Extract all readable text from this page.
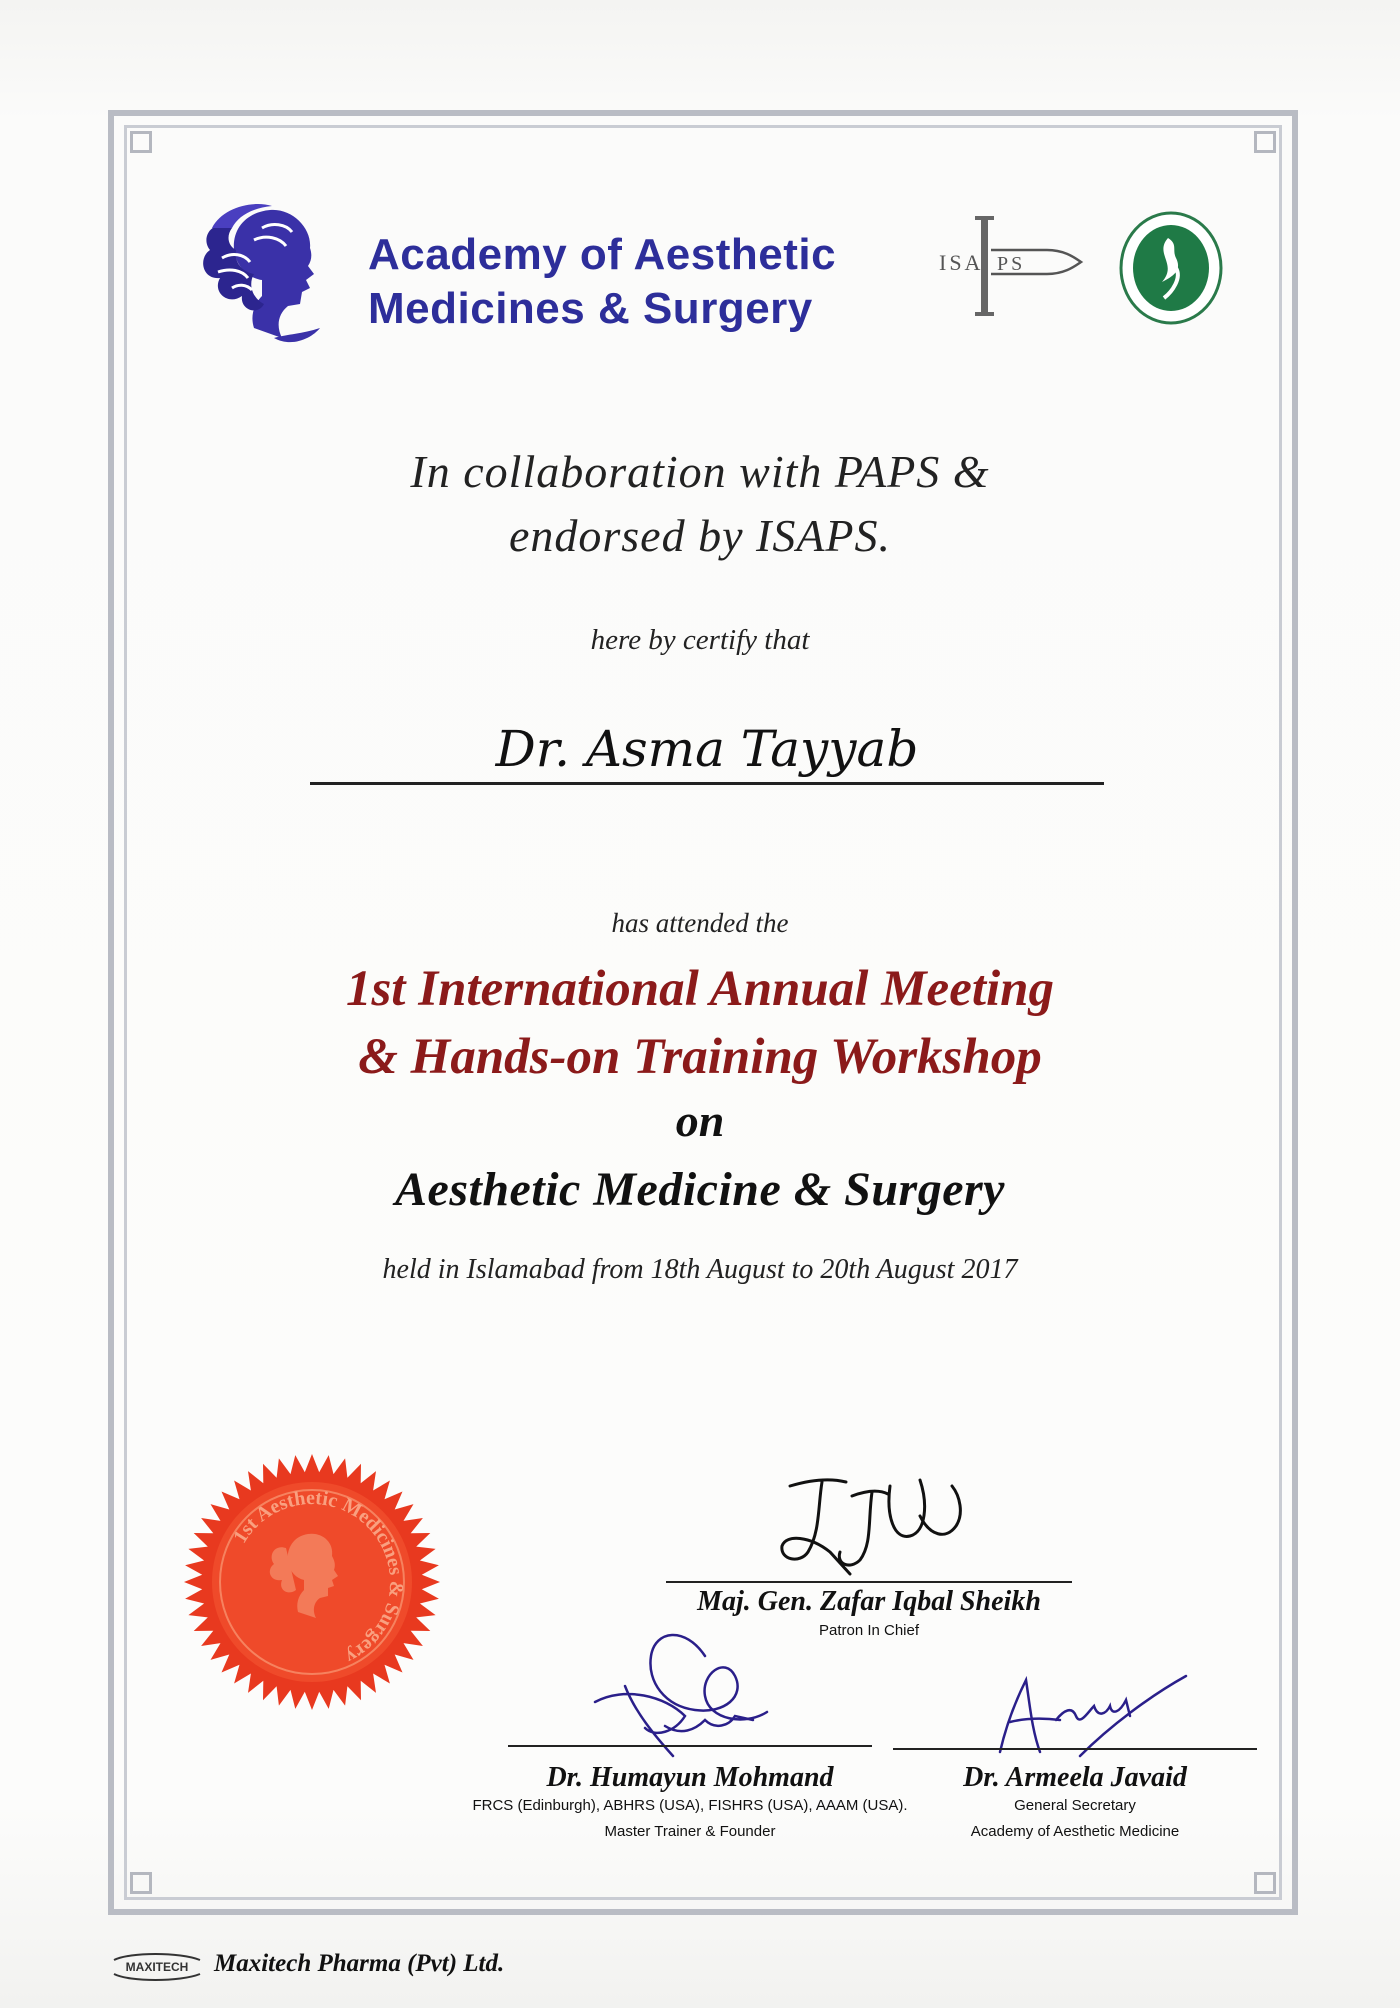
Academy of Aesthetic
Medicines & Surgery
ISA PS
In collaboration with PAPS &
endorsed by ISAPS.
here by certify that
Dr. Asma Tayyab
has attended the
1st International Annual Meeting
& Hands-on Training Workshop
on
Aesthetic Medicine & Surgery
held in Islamabad from 18th August to 20th August 2017
1st Aesthetic Medicines & Surgery
Maj. Gen. Zafar Iqbal Sheikh
Patron In Chief
Dr. Humayun Mohmand
FRCS (Edinburgh), ABHRS (USA), FISHRS (USA), AAAM (USA).
Master Trainer & Founder
Dr. Armeela Javaid
General Secretary
Academy of Aesthetic Medicine
MAXITECH Maxitech Pharma (Pvt) Ltd.
